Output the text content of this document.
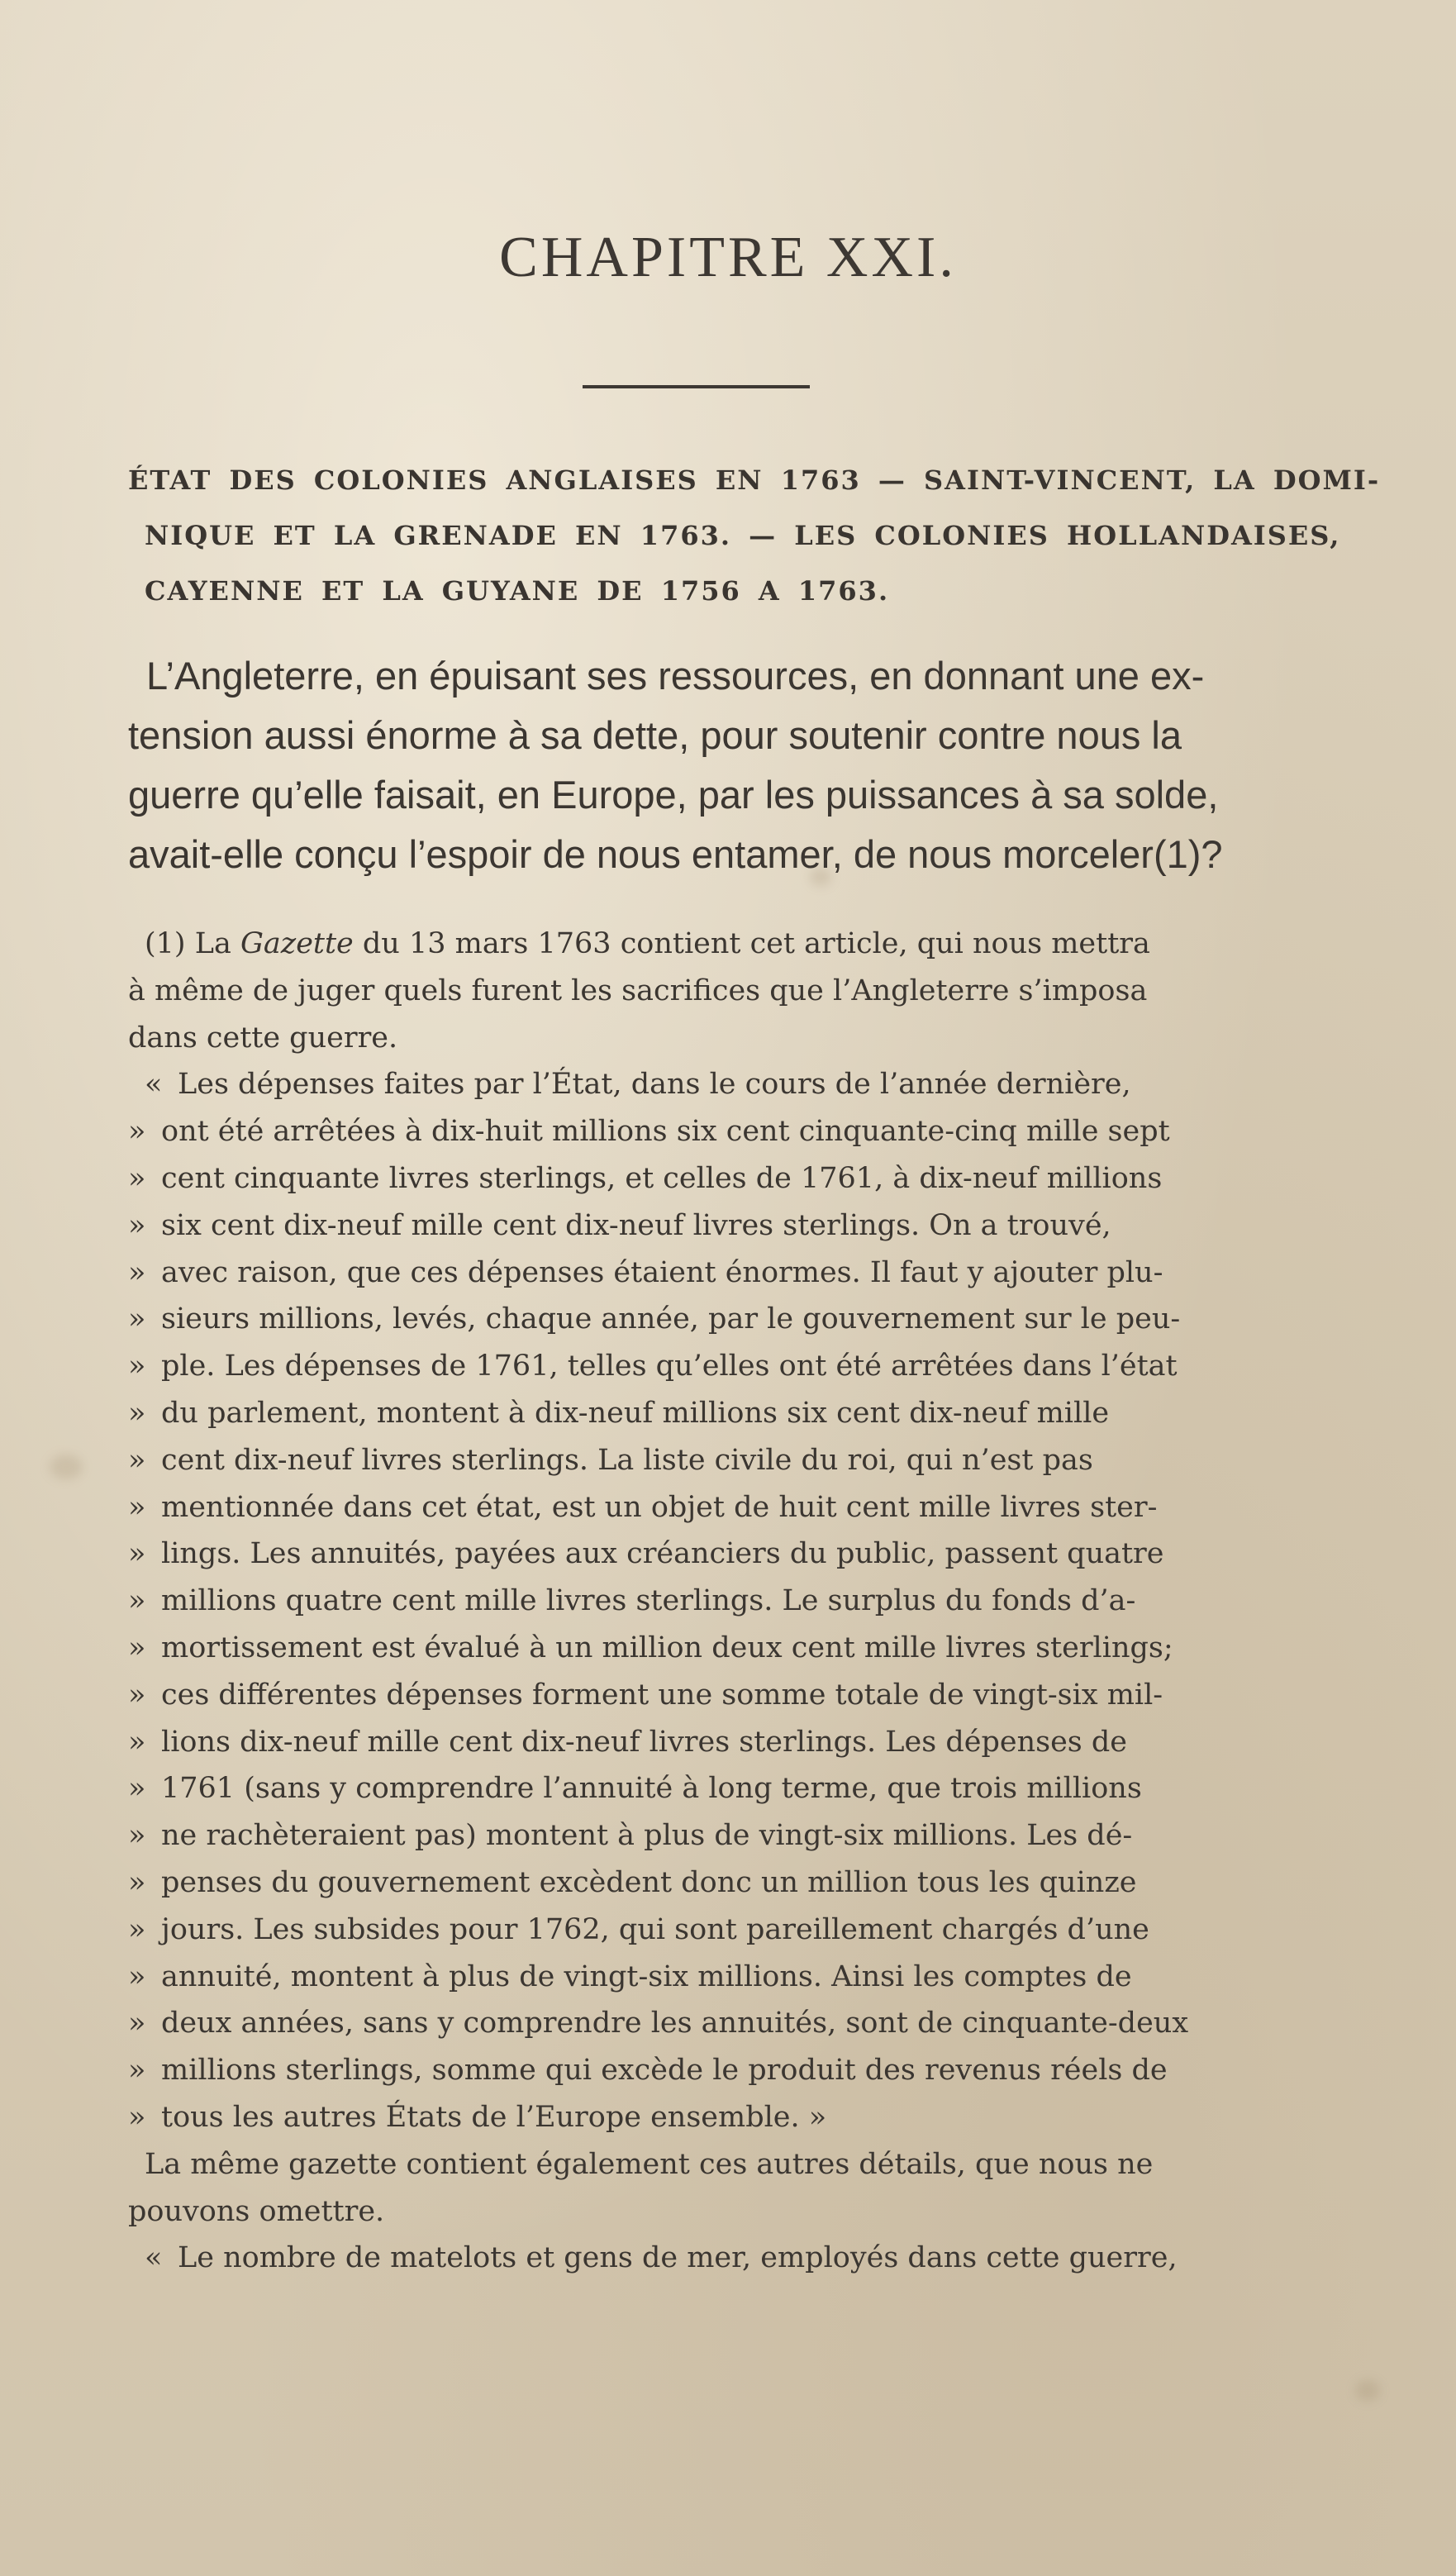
CHAPITRE XXI.
ÉTAT DES COLONIES ANGLAISES EN 1763 — SAINT-VINCENT, LA DOMI-
NIQUE ET LA GRENADE EN 1763. — LES COLONIES HOLLANDAISES,
CAYENNE ET LA GUYANE DE 1756 A 1763.
L’Angleterre, en épuisant ses ressources, en donnant une ex-
tension aussi énorme à sa dette, pour soutenir contre nous la
guerre qu’elle faisait, en Europe, par les puissances à sa solde,
avait-elle conçu l’espoir de nous entamer, de nous morceler(1)?
(1) La Gazette du 13 mars 1763 contient cet article, qui nous mettra
à même de juger quels furent les sacrifices que l’Angleterre s’imposa
dans cette guerre.
« Les dépenses faites par l’État, dans le cours de l’année dernière,
» ont été arrêtées à dix-huit millions six cent cinquante-cinq mille sept
» cent cinquante livres sterlings, et celles de 1761, à dix-neuf millions
» six cent dix-neuf mille cent dix-neuf livres sterlings. On a trouvé,
» avec raison, que ces dépenses étaient énormes. Il faut y ajouter plu-
» sieurs millions, levés, chaque année, par le gouvernement sur le peu-
» ple. Les dépenses de 1761, telles qu’elles ont été arrêtées dans l’état
» du parlement, montent à dix-neuf millions six cent dix-neuf mille
» cent dix-neuf livres sterlings. La liste civile du roi, qui n’est pas
» mentionnée dans cet état, est un objet de huit cent mille livres ster-
» lings. Les annuités, payées aux créanciers du public, passent quatre
» millions quatre cent mille livres sterlings. Le surplus du fonds d’a-
» mortissement est évalué à un million deux cent mille livres sterlings;
» ces différentes dépenses forment une somme totale de vingt-six mil-
» lions dix-neuf mille cent dix-neuf livres sterlings. Les dépenses de
» 1761 (sans y comprendre l’annuité à long terme, que trois millions
» ne rachèteraient pas) montent à plus de vingt-six millions. Les dé-
» penses du gouvernement excèdent donc un million tous les quinze
» jours. Les subsides pour 1762, qui sont pareillement chargés d’une
» annuité, montent à plus de vingt-six millions. Ainsi les comptes de
» deux années, sans y comprendre les annuités, sont de cinquante-deux
» millions sterlings, somme qui excède le produit des revenus réels de
» tous les autres États de l’Europe ensemble. »
La même gazette contient également ces autres détails, que nous ne
pouvons omettre.
« Le nombre de matelots et gens de mer, employés dans cette guerre,
